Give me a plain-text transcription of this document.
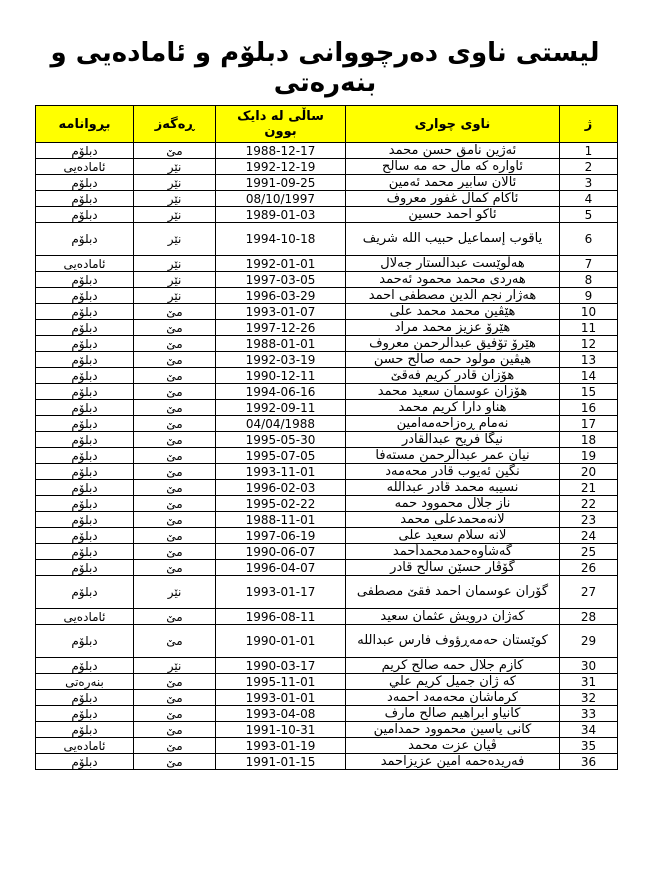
لیستی ناوی دەرچووانی دبلۆم و ئامادەیی و بنەرەتی
بڕوانامە	ڕەگەز	ساڵی لە دایک بوون	ناوی چواری	ژ
دبلۆم	مێ	1988-12-17	ئەژین نامق حسن محمد	1
ئامادەیی	نێر	1992-12-19	ئاوارە کە مال حە مە سالح	2
دبلۆم	نێر	1991-09-25	ئالان سابیر محمد ئەمین	3
دبلۆم	نێر	08/10/1997	ئاکام کمال غفور معروف	4
دبلۆم	نێر	1989-01-03	ئاکو احمد حسین	5
دبلۆم	نێر	1994-10-18	یاقوب إسماعیل حبیب الله شریف	6
ئامادەیی	نێر	1992-01-01	هەڵوێست عبدالستار جەلال	7
دبلۆم	نێر	1997-03-05	هەردی محمد محمود ئەحمد	8
دبلۆم	نێر	1996-03-29	هەژار نجم الدین مصطفی احمد	9
دبلۆم	مێ	1993-01-07	هێڤین محمد محمد علی	10
دبلۆم	مێ	1997-12-26	هێرۆ عزیز محمد مراد	11
دبلۆم	مێ	1988-01-01	هێرۆ تۆفیق عبدالرحمن معروف	12
دبلۆم	مێ	1992-03-19	هیڤین مولود حمە صالح حسن	13
دبلۆم	مێ	1990-12-11	هۆزان قادر کریم فەقێ	14
دبلۆم	مێ	1994-06-16	هۆزان عوسمان سعید محمد	15
دبلۆم	مێ	1992-09-11	هناو دارا کریم محمد	16
دبلۆم	مێ	04/04/1988	نەمام ڕەزاحەمەامین	17
دبلۆم	مێ	1995-05-30	نیگا فریح عبدالقادر	18
دبلۆم	مێ	1995-07-05	نیان عمر عبدالرحمن مستەفا	19
دبلۆم	مێ	1993-11-01	نگین ئەیوب قادر محەمەد	20
دبلۆم	مێ	1996-02-03	نسیبە محمد قادر عبدالله	21
دبلۆم	مێ	1995-02-22	ناز جلال محموود حمە	22
دبلۆم	مێ	1988-11-01	لانەمحمدعلی محمد	23
دبلۆم	مێ	1997-06-19	لانە سلام سعید علی	24
دبلۆم	مێ	1990-06-07	گەشاوەحمدمحمدأحمد	25
دبلۆم	مێ	1996-04-07	گۆڤار حسێن ساڵح قادر	26
دبلۆم	نێر	1993-01-17	گۆران عوسمان احمد فقێ مصطفى	27
ئامادەیی	مێ	1996-08-11	کەژان درویش عثمان سعید	28
دبلۆم	مێ	1990-01-01	کوێستان حەمەڕؤوف فارس عبدالله	29
دبلۆم	نێر	1990-03-17	کازم جلال حمە صالح کریم	30
بنەرەتی	مێ	1995-11-01	کە ژان جمیل کریم علي	31
دبلۆم	مێ	1993-01-01	کرماشان محەمەد احمەد	32
دبلۆم	مێ	1993-04-08	کانیاو ابراهیم صالح مارف	33
دبلۆم	مێ	1991-10-31	کانی یاسین محموود حمدامین	34
ئامادەیی	مێ	1993-01-19	ڤیان عزت محمد	35
دبلۆم	مێ	1991-01-15	فەریدەحمە امین عزیزاحمد	36
